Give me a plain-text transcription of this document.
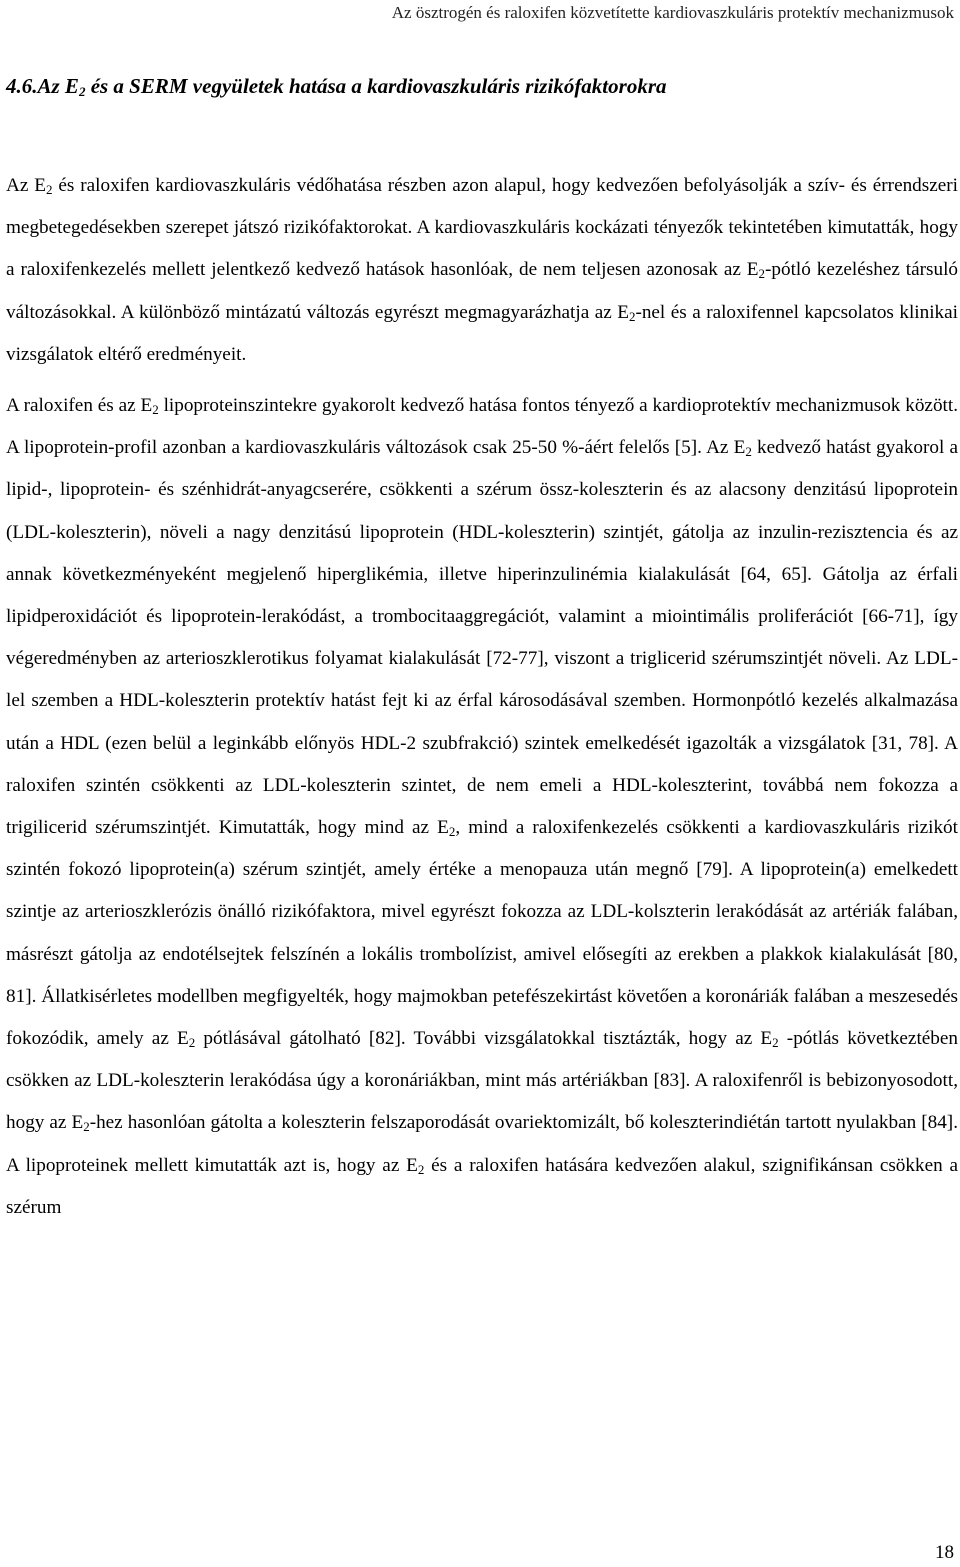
Az ösztrogén és raloxifen közvetítette kardiovaszkuláris protektív mechanizmusok
4.6.Az $E_2$ és a SERM vegyületek hatása a kardiovaszkuláris rizikófaktorokra

Az $E_2$ és raloxifen kardiovaszkuláris védőhatása részben azon alapul, hogy kedvezően befolyásolják a szív- és érrendszeri megbetegedésekben szerepet játszó rizikófaktorokat. A kardiovaszkuláris kockázati tényezők tekintetében kimutatták, hogy a raloxifenkezelés mellett jelentkező kedvező hatások hasonlóak, de nem teljesen azonosak az $E_2$-pótló kezeléshez társuló változásokkal. A különböző mintázatú változás egyrészt megmagyarázhatja az $E_2$-nel és a raloxifennel kapcsolatos klinikai vizsgálatok eltérő eredményeit.

A raloxifen és az $E_2$ lipoproteinszintekre gyakorolt kedvező hatása fontos tényező a kardioprotektív mechanizmusok között. A lipoprotein-profil azonban a kardiovaszkuláris változások csak 25-50 %-áért felelős [5]. Az $E_2$ kedvező hatást gyakorol a lipid-, lipoprotein- és szénhidrát-anyagcserére, csökkenti a szérum össz-koleszterin és az alacsony denzitású lipoprotein (LDL-koleszterin), növeli a nagy denzitású lipoprotein (HDL-koleszterin) szintjét, gátolja az inzulin-rezisztencia és az annak következményeként megjelenő hiperglikémia, illetve hiperinzulinémia kialakulását [64, 65]. Gátolja az érfali lipidperoxidációt és lipoprotein-lerakódást, a trombocitaaggregációt, valamint a miointimális proliferációt [66-71], így végeredményben az arterioszklerotikus folyamat kialakulását [72-77], viszont a triglicerid szérumszintjét növeli. Az LDL-lel szemben a HDL-koleszterin protektív hatást fejt ki az érfal károsodásával szemben. Hormonpótló kezelés alkalmazása után a HDL (ezen belül a leginkább előnyös HDL-2 szubfrakció) szintek emelkedését igazolták a vizsgálatok [31, 78]. A raloxifen szintén csökkenti az LDL-koleszterin szintet, de nem emeli a HDL-koleszterint, továbbá nem fokozza a trigilicerid szérumszintjét. Kimutatták, hogy mind az $E_2$, mind a raloxifenkezelés csökkenti a kardiovaszkuláris rizikót szintén fokozó lipoprotein(a) szérum szintjét, amely értéke a menopauza után megnő [79]. A lipoprotein(a) emelkedett szintje az arterioszklerózis önálló rizikófaktora, mivel egyrészt fokozza az LDL-kolszterin lerakódását az artériák falában, másrészt gátolja az endotélsejtek felszínén a lokális trombolízist, amivel elősegíti az erekben a plakkok kialakulását [80, 81]. Állatkisérletes modellben megfigyelték, hogy majmokban petefészekirtást követően a koronáriák falában a meszesedés fokozódik, amely az $E_2$ pótlásával gátolható [82]. További vizsgálatokkal tisztázták, hogy az $E_2$ -pótlás következtében csökken az LDL-koleszterin lerakódása úgy a koronáriákban, mint más artériákban [83]. A raloxifenről is bebizonyosodott, hogy az $E_2$-hez hasonlóan gátolta a koleszterin felszaporodását ovariektomizált, bő koleszterindiétán tartott nyulakban [84]. A lipoproteinek mellett kimutatták azt is, hogy az $E_2$ és a raloxifen hatására kedvezően alakul, szignifikánsan csökken a szérum

18
